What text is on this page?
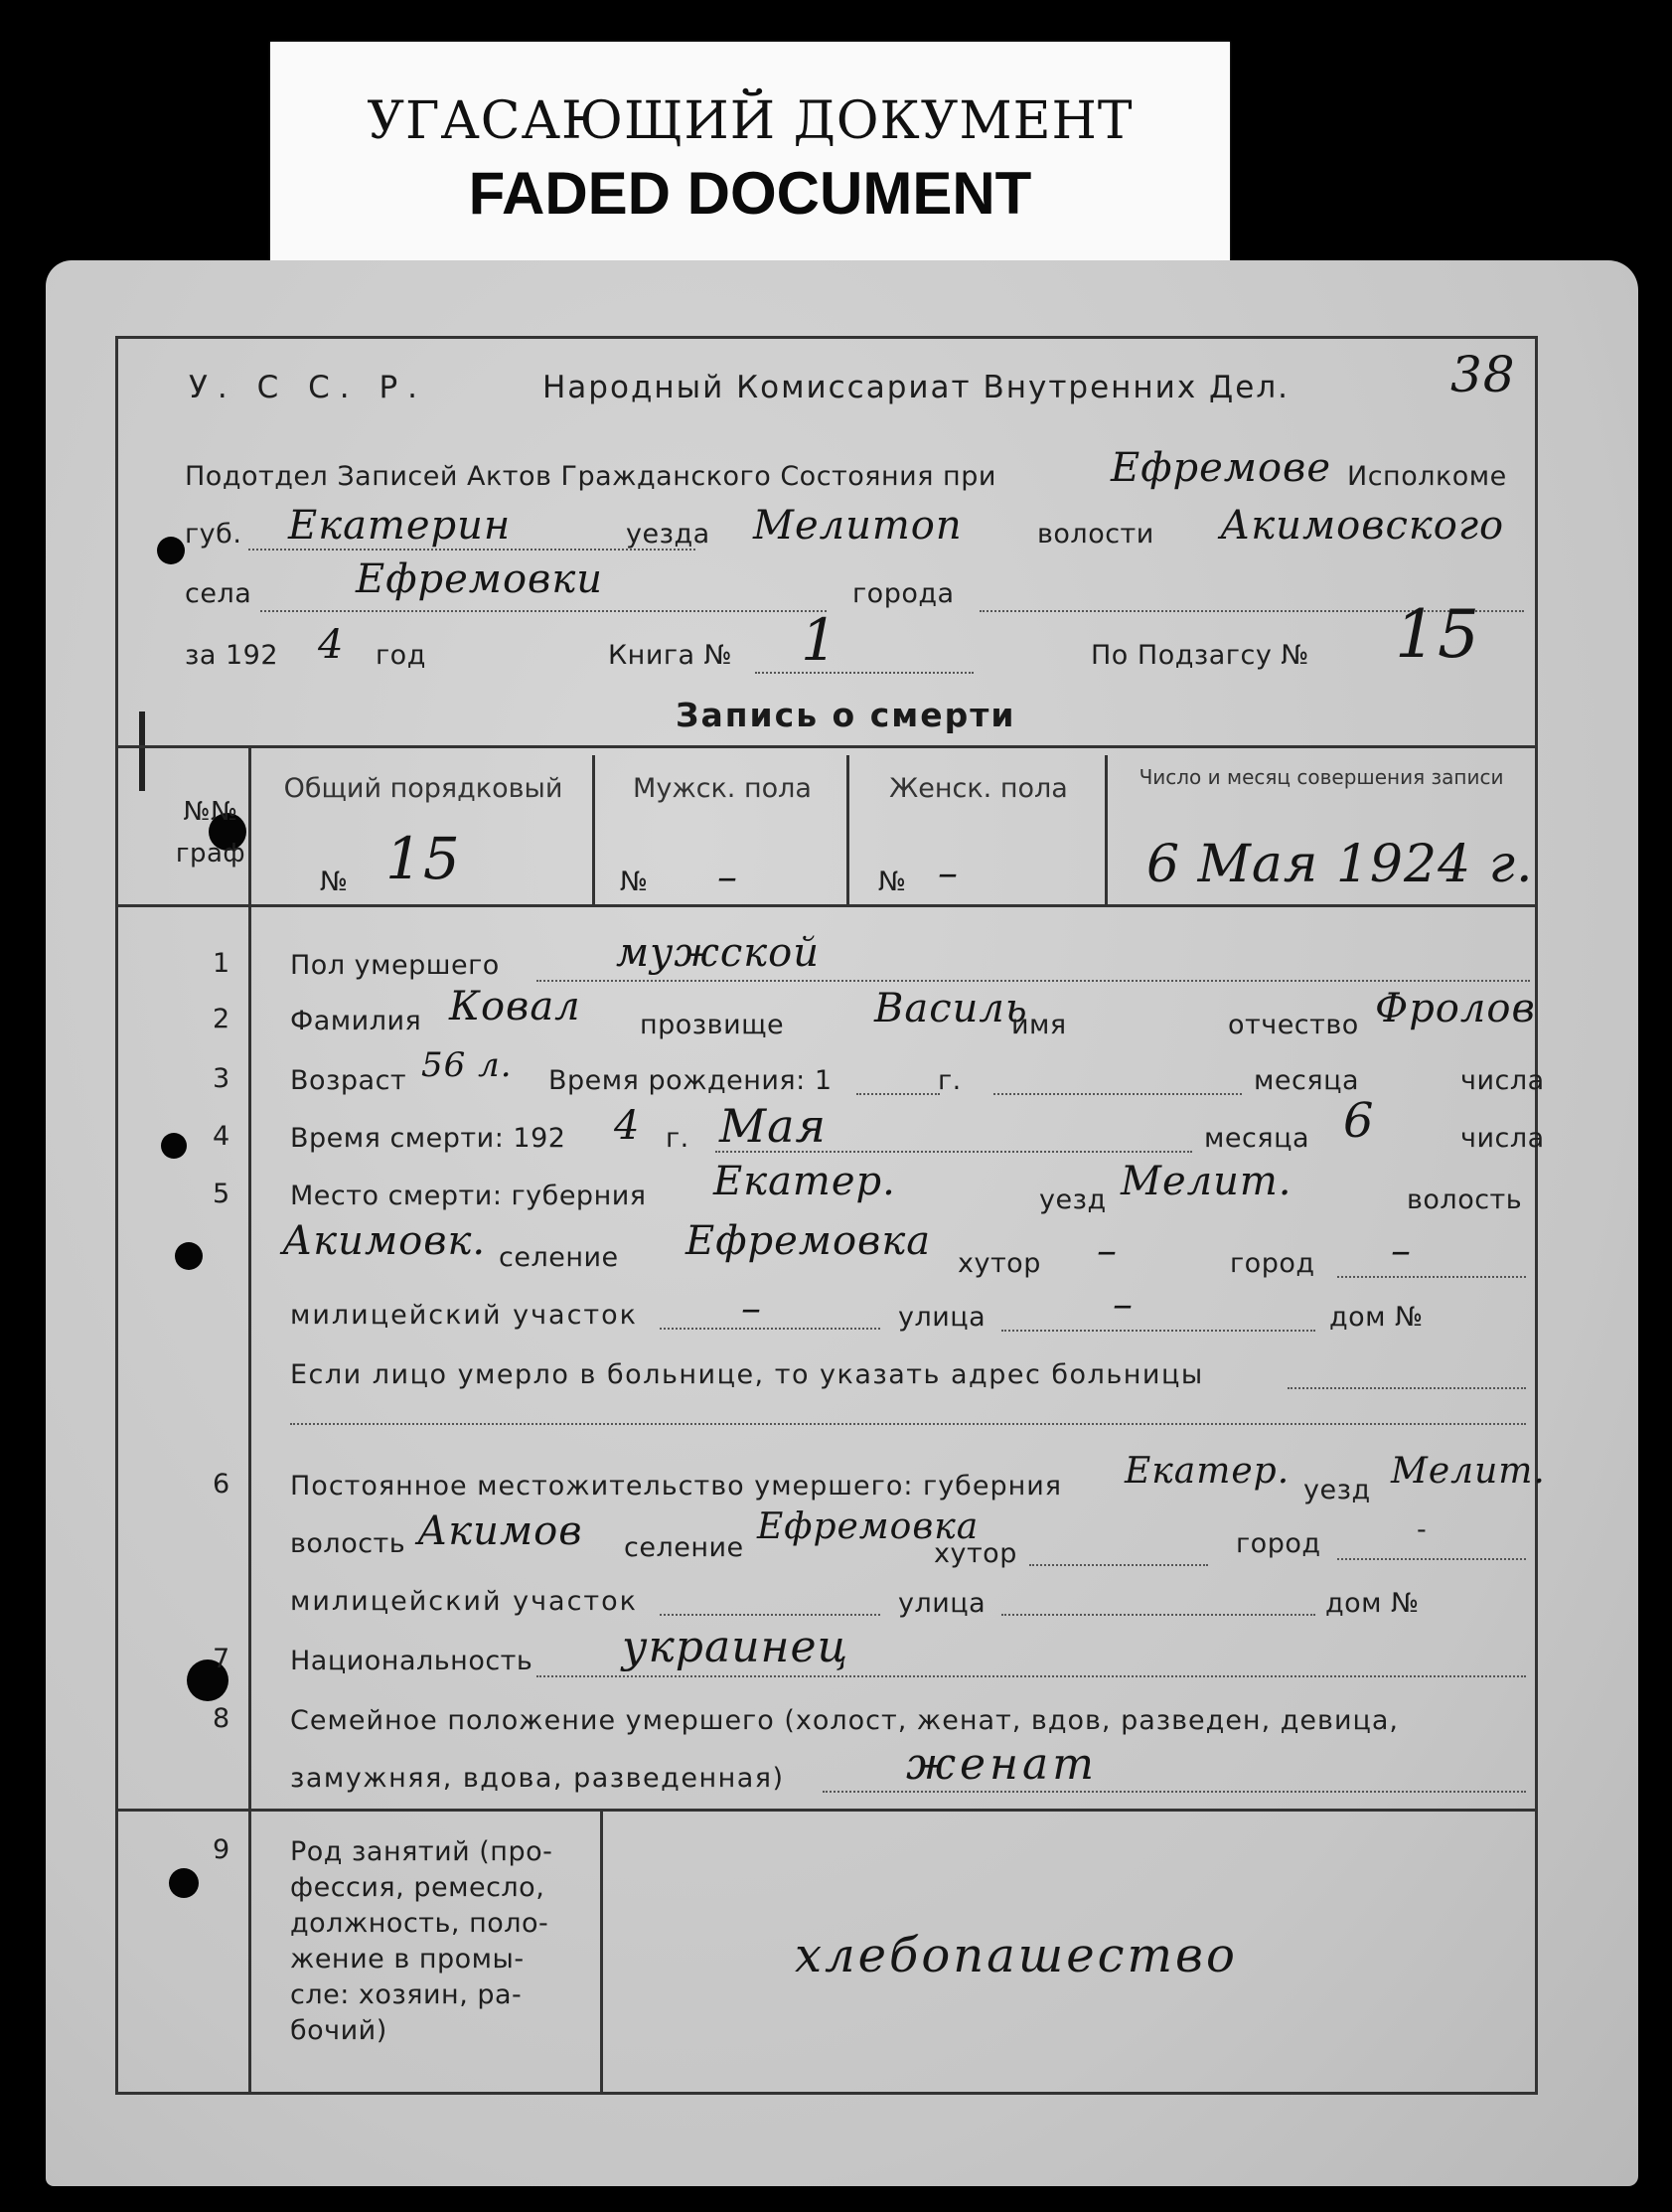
УГАСАЮЩИЙ ДОКУМЕНТ
FADED DOCUMENT
38
У. С С. Р.	Народный Комиссариат Внутренних Дел.
Подотдел Записей Актов Гражданского Состояния при	Ефремове Исполкоме
губ. Екатерин	уезда Мелитоп	волости Акимовского
села	Ефремовки	города
за 192 4 год	Книга № 1	По Подзагсу № 15
Запись о смерти
№№ граф
Общий порядковый	Мужск. пола	Женск. пола	Число и месяц совершения записи
№ 15	№ –	№ –	6 Мая 1924 г.
1 Пол умершего	мужской
2 Фамилия Ковал прозвище Василь
имя	отчество Фролов
3 Возраст 56 л. Время рождения: 1	г.	месяца	числа
4 Время смерти: 192 4 г. Мая	месяца 6	числа
5 Место смерти: губерния Екатер.	уезд Мелит.	волость
Акимовк. селение Ефремовка хутор –	город –
милицейский участок	–	улица	–	дом №
Если лицо умерло в больнице, то указать адрес больницы
6 Постоянное местожительство умершего: губерния Екатер. уезд Мелит.
волость Акимов селение
Ефремовка
хутор	город	-
милицейский участок	улица	дом №
7 Национальность украинец
8 Семейное положение умершего (холост, женат, вдов, разведен, девица,
замужняя, вдова, разведенная)	женат
9 Род занятий (про-
фессия, ремесло,
должность, поло-
жение в промы-
сле: хозяин, ра-
бочий)
хлебопашество
